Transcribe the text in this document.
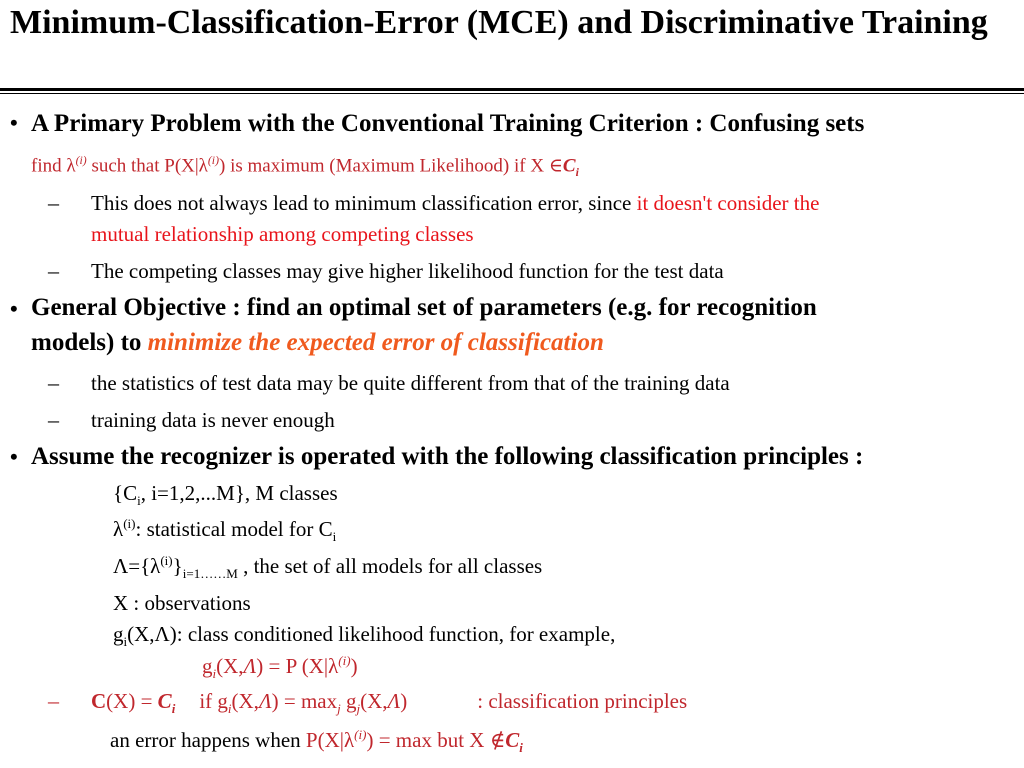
Minimum-Classification-Error (MCE) and Discriminative Training
• A Primary Problem with the Conventional Training Criterion : Confusing sets
find $\lambda^{(i)}$ such that $P(X|\lambda^{(i)})$ is maximum (Maximum Likelihood) if X $\in C_i$
– This does not always lead to minimum classification error, since it doesn't consider the
mutual relationship among competing classes
– The competing classes may give higher likelihood function for the test data
• General Objective : find an optimal set of parameters (e.g. for recognition
models) to minimize the expected error of classification
– the statistics of test data may be quite different from that of the training data
– training data is never enough
• Assume the recognizer is operated with the following classification principles :
{$C_i$, i=1,2,...M}, M classes
$\lambda^{(i)}$: statistical model for $C_i$
$\Lambda=\{\lambda^{(i)}\}_{i=1\dots\dots M}$ , the set of all models for all classes
X : observations
$g_i(X,\Lambda)$: class conditioned likelihood function, for example,
$g_i(X,\Lambda) = P$ $(X|\lambda^{(i)})$
– $C(X) = C_i$ if $g_i(X,\Lambda) = \max_j g_j(X,\Lambda)$	: classification principles
an error happens when $P(X|\lambda^{(i)}) = \max$ but X $\notin C_i$
